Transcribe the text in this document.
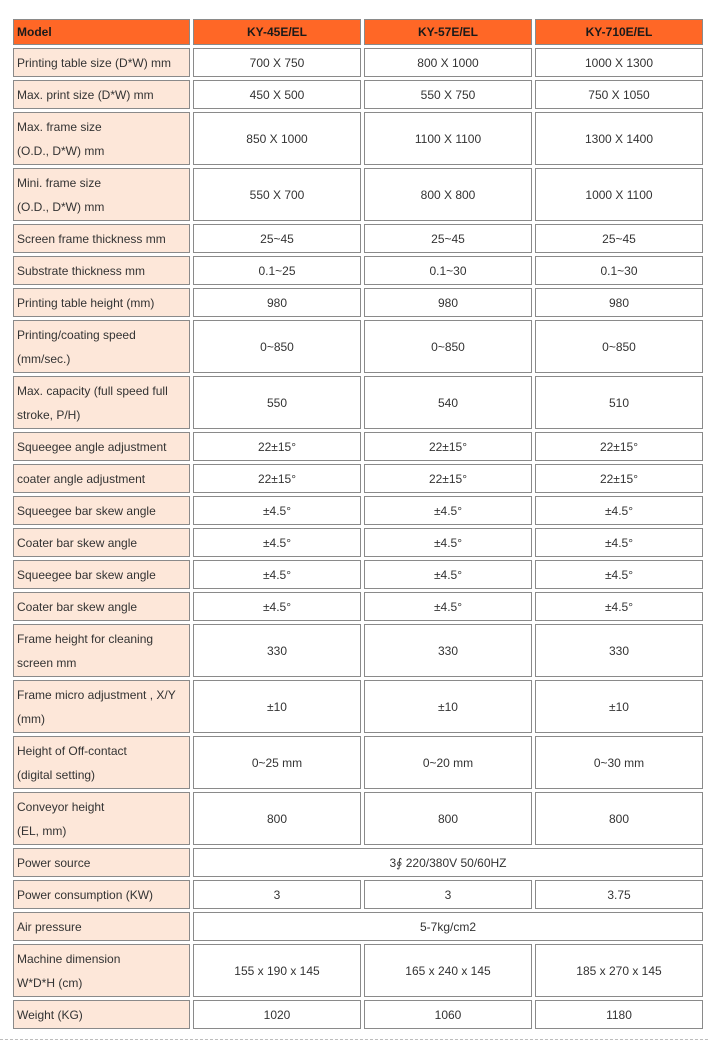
Model	KY-45E/EL	KY-57E/EL	KY-710E/EL
Printing table size (D*W) mm	700 X 750	800 X 1000	1000 X 1300
Max. print size (D*W) mm	450 X 500	550 X 750	750 X 1050

Max. frame size
(O.D., D*W) mm	850 X 1000	1100 X 1100	1300 X 1400

Mini. frame size
(O.D., D*W) mm	550 X 700	800 X 800	1000 X 1100
Screen frame thickness mm	25~45	25~45	25~45
Substrate thickness mm	0.1~25	0.1~30	0.1~30
Printing table height (mm)	980	980	980

Printing/coating speed
(mm/sec.)	0~850	0~850	0~850

Max. capacity (full speed full
stroke, P/H)	550	540	510
Squeegee angle adjustment	22±15°	22±15°	22±15°
coater angle adjustment	22±15°	22±15°	22±15°
Squeegee bar skew angle	±4.5°	±4.5°	±4.5°
Coater bar skew angle	±4.5°	±4.5°	±4.5°
Squeegee bar skew angle	±4.5°	±4.5°	±4.5°
Coater bar skew angle	±4.5°	±4.5°	±4.5°

Frame height for cleaning
screen mm	330	330	330

Frame micro adjustment , X/Y
(mm)	±10	±10	±10

Height of Off-contact
(digital setting)	0~25 mm	0~20 mm	0~30 mm

Conveyor height
(EL, mm)	800	800	800
Power source	3∮ 220/380V 50/60HZ		
Power consumption (KW)	3	3	3.75
Air pressure	5-7kg/cm2		

Machine dimension
W*D*H (cm)	155 x 190 x 145	165 x 240 x 145	185 x 270 x 145
Weight (KG)	1020	1060	1180
